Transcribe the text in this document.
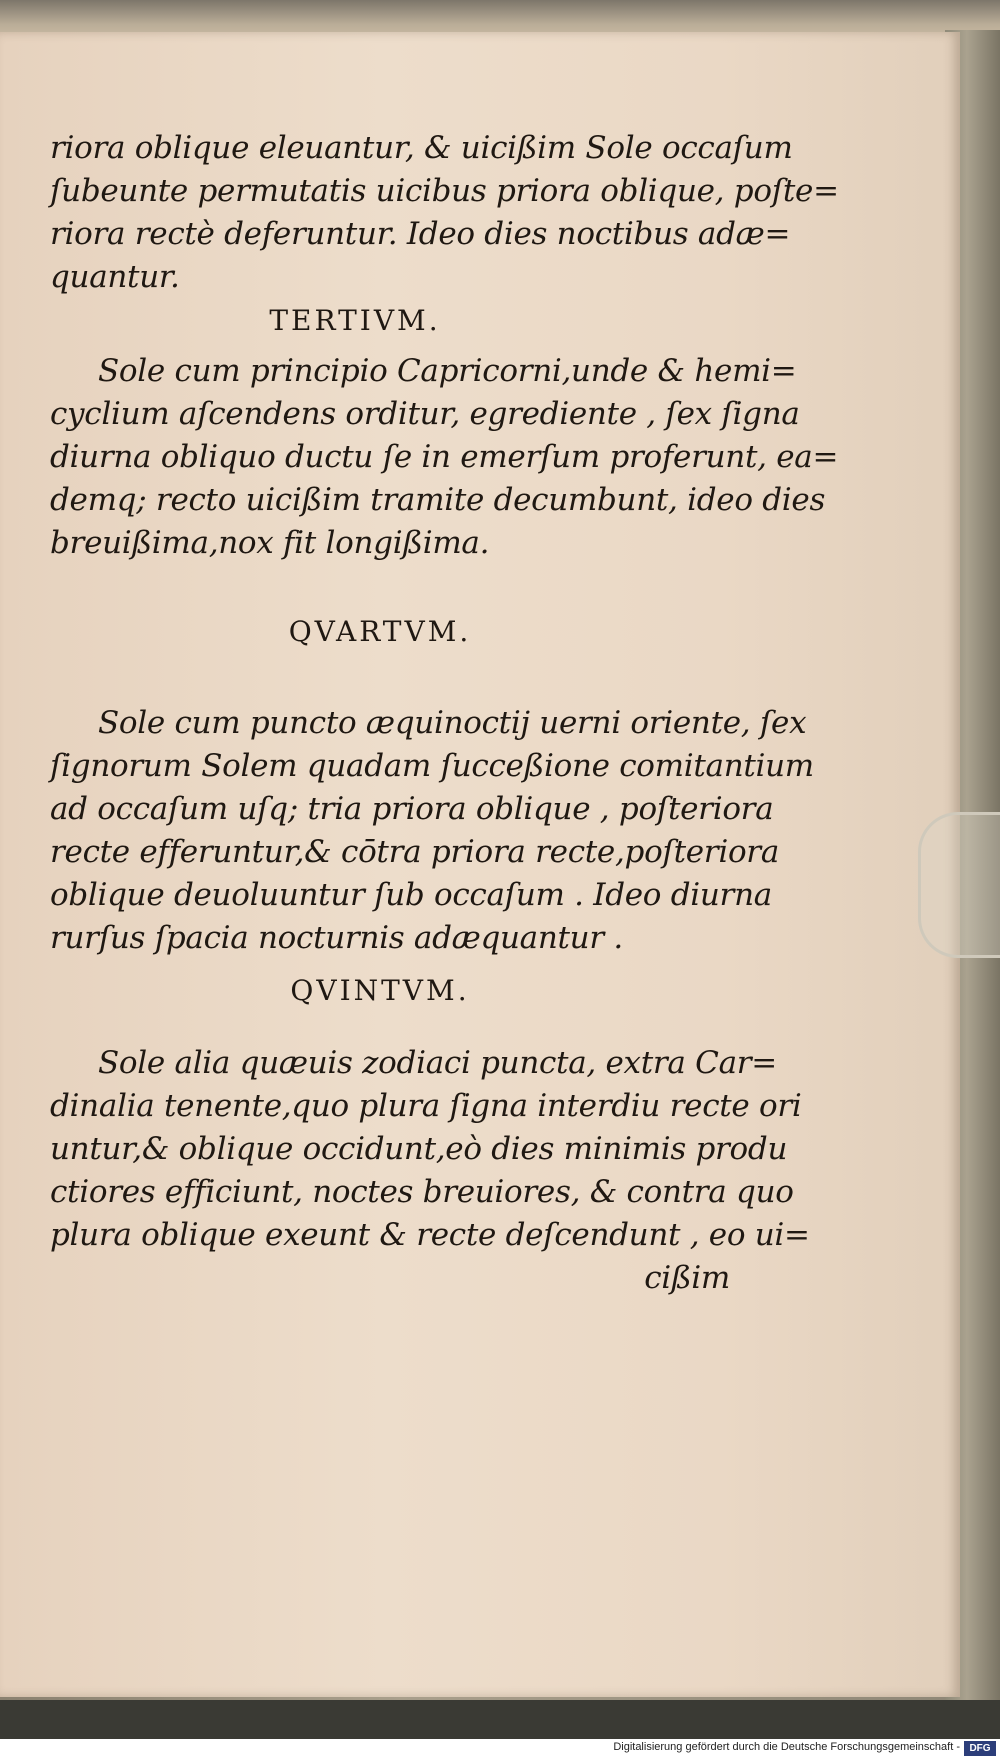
riora oblique eleuantur, & uicißim Sole occaſum
ſubeunte permutatis uicibus priora oblique, poſte=
riora rectè deferuntur. Ideo dies noctibus adæ=
quantur.
TERTIVM.
Sole cum principio Capricorni,unde & hemi=
cyclium aſcendens orditur, egrediente , ſex ſigna
diurna obliquo ductu ſe in emerſum proferunt, ea=
demq; recto uicißim tramite decumbunt, ideo dies
breuißima,nox fit longißima.
QVARTVM.
Sole cum puncto æquinoctij uerni oriente, ſex
ſignorum Solem quadam ſucceßione comitantium
ad occaſum uſq; tria priora oblique , poſteriora
recte efferuntur,& cōtra priora recte,poſteriora
oblique deuoluuntur ſub occaſum . Ideo diurna
rurſus ſpacia nocturnis adæquantur .
QVINTVM.
Sole alia quæuis zodiaci puncta, extra Car=
dinalia tenente,quo plura ſigna interdiu recte ori
untur,& oblique occidunt,eò dies minimis produ
ctiores efficiunt, noctes breuiores, & contra quo
plura oblique exeunt & recte deſcendunt , eo ui=
cißim
Digitalisierung gefördert durch die Deutsche Forschungsgemeinschaft - DFG
